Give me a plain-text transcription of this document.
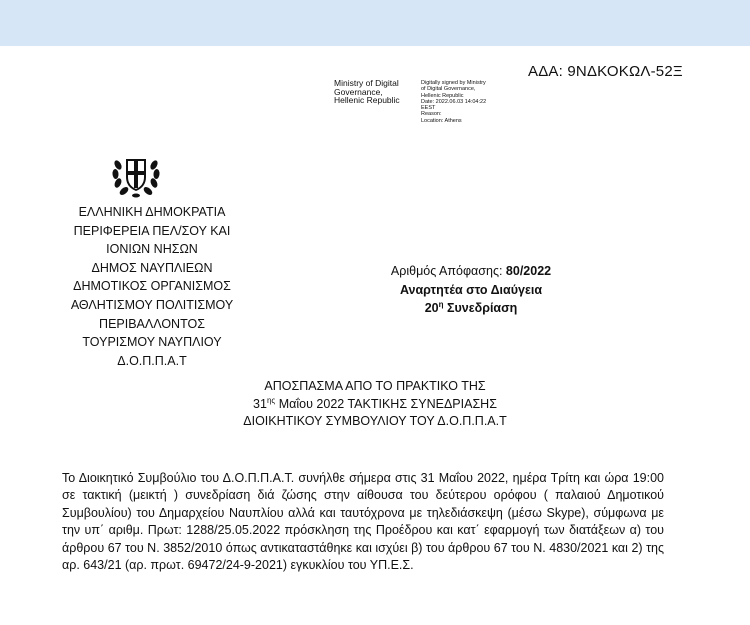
ΑΔΑ: 9ΝΔΚΟΚΩΛ-52Ξ
Ministry of Digital
Governance,
Hellenic Republic
Digitally signed by Ministry
of Digital Governance,
Hellenic Republic
Date: 2022.06.03 14:04:22
EEST
Reason:
Location: Athens
ΕΛΛΗΝΙΚΗ ΔΗΜΟΚΡΑΤΙΑ
ΠΕΡΙΦΕΡΕΙΑ ΠΕΛ/ΣΟΥ ΚΑΙ
ΙΟΝΙΩΝ ΝΗΣΩΝ
ΔΗΜΟΣ ΝΑΥΠΛΙΕΩΝ
ΔΗΜΟΤΙΚΟΣ ΟΡΓΑΝΙΣΜΟΣ
ΑΘΛΗΤΙΣΜΟΥ ΠΟΛΙΤΙΣΜΟΥ
ΠΕΡΙΒΑΛΛΟΝΤΟΣ
ΤΟΥΡΙΣΜΟΥ ΝΑΥΠΛΙΟΥ
Δ.Ο.Π.Π.Α.Τ
Αριθμός Απόφασης: 80/2022
Αναρτητέα στο Διαύγεια
$20^\eta$ Συνεδρίαση
ΑΠΟΣΠΑΣΜΑ ΑΠΟ ΤΟ ΠΡΑΚΤΙΚΟ ΤΗΣ
$31^{\eta\varsigma}$ Μαΐου 2022 ΤΑΚΤΙΚΗΣ ΣΥΝΕΔΡΙΑΣΗΣ
ΔΙΟΙΚΗΤΙΚΟΥ ΣΥΜΒΟΥΛΙΟΥ ΤΟΥ Δ.Ο.Π.Π.Α.Τ
Το Διοικητικό Συμβούλιο του Δ.Ο.Π.Π.Α.Τ. συνήλθε σήμερα στις 31 Μαΐου 2022, ημέρα Τρίτη και ώρα 19:00 σε τακτική (μεικτή ) συνεδρίαση διά ζώσης στην αίθουσα του δεύτερου ορόφου ( παλαιού Δημοτικού Συμβουλίου) του Δημαρχείου Ναυπλίου αλλά και ταυτόχρονα με τηλεδιάσκεψη (μέσω Skype), σύμφωνα με την υπ΄ αριθμ. Πρωτ: 1288/25.05.2022 πρόσκληση της Προέδρου και κατ΄ εφαρμογή των διατάξεων α) του άρθρου 67 του Ν. 3852/2010 όπως αντικαταστάθηκε και ισχύει β) του άρθρου 67 του Ν. 4830/2021 και 2) της αρ. 643/21 (αρ. πρωτ. 69472/24-9-2021) εγκυκλίου του ΥΠ.Ε.Σ.
